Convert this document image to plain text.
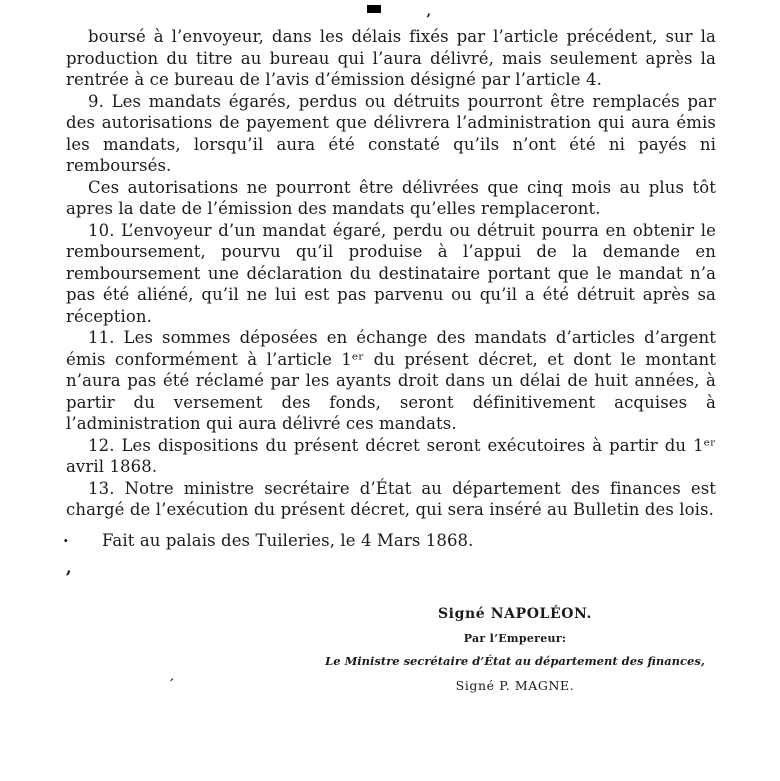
’
·
,
´

boursé à l’envoyeur, dans les délais fixés par l’article précédent, sur la production du titre au bureau qui l’aura délivré, mais seulement après la rentrée à ce bureau de l’avis d’émission désigné par l’article 4.

9. Les mandats égarés, perdus ou détruits pourront être remplacés par des autorisations de payement que délivrera l’administration qui aura émis les mandats, lorsqu’il aura été constaté qu’ils n’ont été ni payés ni remboursés.

Ces autorisations ne pourront être délivrées que cinq mois au plus tôt apres la date de l’émission des mandats qu’elles remplaceront.

10. L’envoyeur d’un mandat égaré, perdu ou détruit pourra en obtenir le remboursement, pourvu qu’il produise à l’appui de la demande en remboursement une déclaration du destinataire portant que le mandat n’a pas été aliéné, qu’il ne lui est pas parvenu ou qu’il a été détruit après sa réception.

11. Les sommes déposées en échange des mandats d’articles d’argent émis conformément à l’article 1ᵉʳ du présent décret, et dont le montant n’aura pas été réclamé par les ayants droit dans un délai de huit années, à partir du versement des fonds, seront définitivement acquises à l’administration qui aura délivré ces mandats.

12. Les dispositions du présent décret seront exécutoires à partir du 1ᵉʳ avril 1868.

13. Notre ministre secrétaire d’État au département des finances est chargé de l’exécution du présent décret, qui sera inséré au Bulletin des lois.

Fait au palais des Tuileries, le 4 Mars 1868.

Signé NAPOLÉON.
Par l’Empereur:
Le Ministre secrétaire d’État au département des finances,
Signé P. MAGNE.
